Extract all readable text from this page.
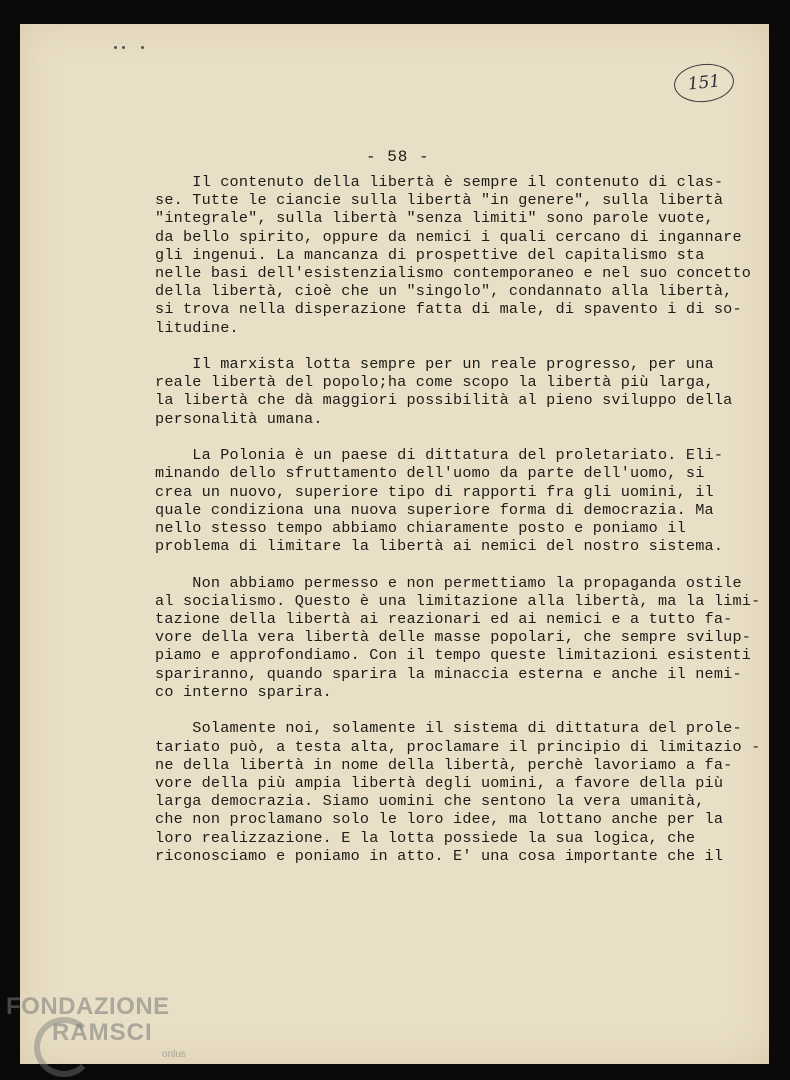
151
- 58 -
Il contenuto della libertà è sempre il contenuto di clas-
se. Tutte le ciancie sulla libertà "in genere", sulla libertà
"integrale", sulla libertà "senza limiti" sono parole vuote,
da bello spirito, oppure da nemici i quali cercano di ingannare
gli ingenui. La mancanza di prospettive del capitalismo sta
nelle basi dell'esistenzialismo contemporaneo e nel suo concetto
della libertà, cioè che un "singolo", condannato alla libertà,
si trova nella disperazione fatta di male, di spavento i di so-
litudine.
Il marxista lotta sempre per un reale progresso, per una
reale libertà del popolo;ha come scopo la libertà più larga,
la libertà che dà maggiori possibilità al pieno sviluppo della
personalità umana.
La Polonia è un paese di dittatura del proletariato. Eli-
minando dello sfruttamento dell'uomo da parte dell'uomo, si
crea un nuovo, superiore tipo di rapporti fra gli uomini, il
quale condiziona una nuova superiore forma di democrazia. Ma
nello stesso tempo abbiamo chiaramente posto e poniamo il
problema di limitare la libertà ai nemici del nostro sistema.
Non abbiamo permesso e non permettiamo la propaganda ostile
al socialismo. Questo è una limitazione alla libertà, ma la limi-
tazione della libertà ai reazionari ed ai nemici e a tutto fa-
vore della vera libertà delle masse popolari, che sempre svilup-
piamo e approfondiamo. Con il tempo queste limitazioni esistenti
spariranno, quando sparira la minaccia esterna e anche il nemi-
co interno sparira.
Solamente noi, solamente il sistema di dittatura del prole-
tariato può, a testa alta, proclamare il principio di limitazio -
ne della libertà in nome della libertà, perchè lavoriamo a fa-
vore della più ampia libertà degli uomini, a favore della più
larga democrazia. Siamo uomini che sentono la vera umanità,
che non proclamano solo le loro idee, ma lottano anche per la
loro realizzazione. E la lotta possiede la sua logica, che
riconosciamo e poniamo in atto. E' una cosa importante che il
FONDAZIONE
RAMSCI
onlus
